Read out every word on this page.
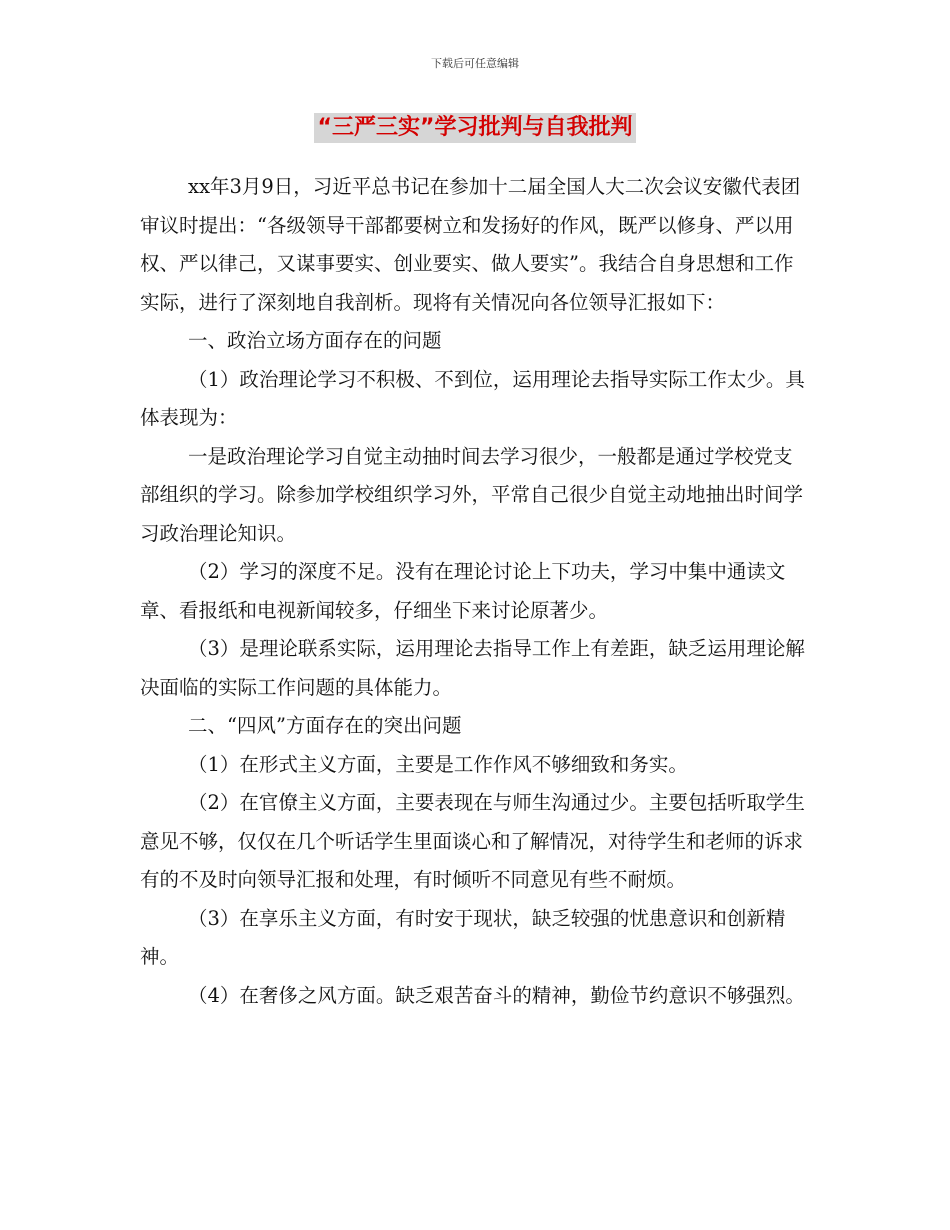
下载后可任意编辑
“三严三实”学习批判与自我批判

xx年3月9日，习近平总书记在参加十二届全国人大二次会议安徽代表团审议时提出：“各级领导干部都要树立和发扬好的作风，既严以修身、严以用权、严以律己，又谋事要实、创业要实、做人要实”。我结合自身思想和工作实际，进行了深刻地自我剖析。现将有关情况向各位领导汇报如下：

一、政治立场方面存在的问题

（1）政治理论学习不积极、不到位，运用理论去指导实际工作太少。具体表现为：

一是政治理论学习自觉主动抽时间去学习很少，一般都是通过学校党支部组织的学习。除参加学校组织学习外，平常自己很少自觉主动地抽出时间学习政治理论知识。

（2）学习的深度不足。没有在理论讨论上下功夫，学习中集中通读文章、看报纸和电视新闻较多，仔细坐下来讨论原著少。

（3）是理论联系实际，运用理论去指导工作上有差距，缺乏运用理论解决面临的实际工作问题的具体能力。

二、“四风”方面存在的突出问题

（1）在形式主义方面，主要是工作作风不够细致和务实。

（2）在官僚主义方面，主要表现在与师生沟通过少。主要包括听取学生意见不够，仅仅在几个听话学生里面谈心和了解情况，对待学生和老师的诉求有的不及时向领导汇报和处理，有时倾听不同意见有些不耐烦。

（3）在享乐主义方面，有时安于现状，缺乏较强的忧患意识和创新精神。

（4）在奢侈之风方面。缺乏艰苦奋斗的精神，勤俭节约意识不够强烈。
